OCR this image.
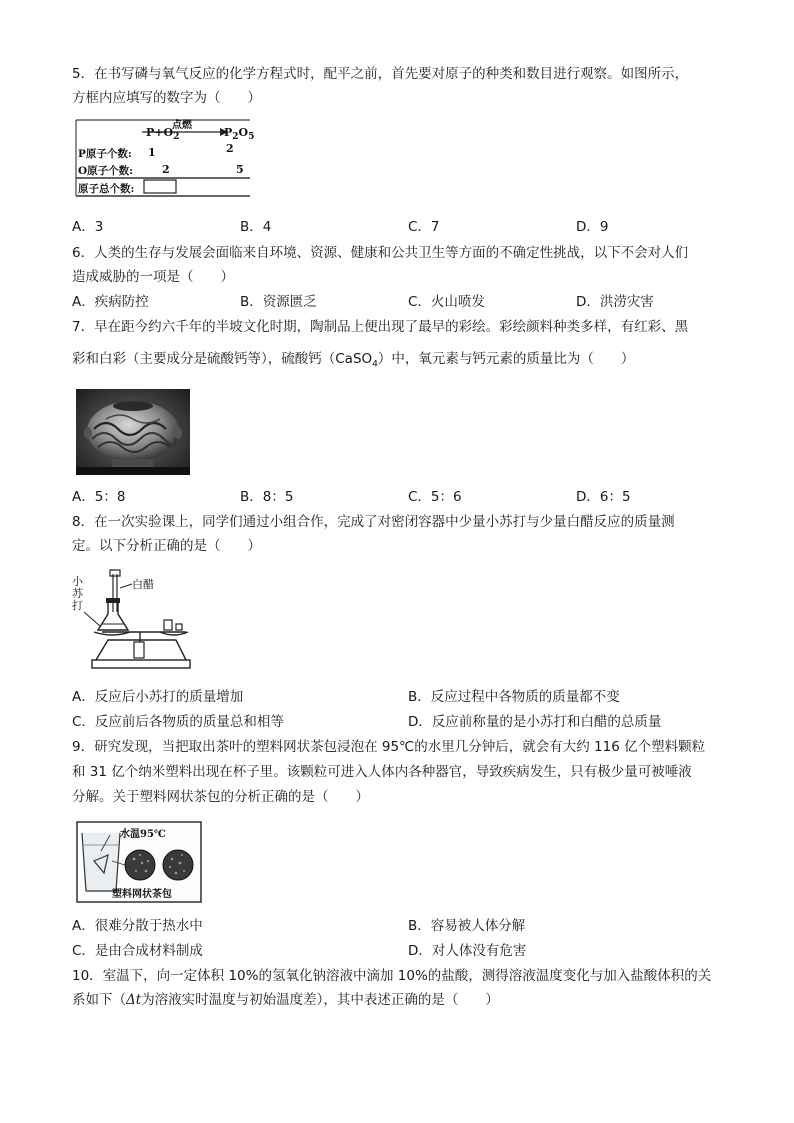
5．在书写磷与氧气反应的化学方程式时，配平之前，首先要对原子的种类和数目进行观察。如图所示，
方框内应填写的数字为（　　）
$P+O_2$
点燃
$P_2O_5$
P原子个数: 1	2
O原子个数:	2	5
原子总个数:
A．3	B．4	C．7	D．9
6．人类的生存与发展会面临来自环境、资源、健康和公共卫生等方面的不确定性挑战，以下不会对人们
造成威胁的一项是（　　）
A．疾病防控	B．资源匮乏	C．火山喷发	D．洪涝灾害
7．早在距今约六千年的半坡文化时期，陶制品上便出现了最早的彩绘。彩绘颜料种类多样，有红彩、黑
彩和白彩（主要成分是硫酸钙等），硫酸钙（CaSO$_4$）中，氧元素与钙元素的质量比为（　　）
A．5：8	B．8：5	C．5：6	D．6：5
8．在一次实验课上，同学们通过小组合作，完成了对密闭容器中少量小苏打与少量白醋反应的质量测
定。以下分析正确的是（　　）
小苏打
白醋
A．反应后小苏打的质量增加	B．反应过程中各物质的质量都不变
C．反应前后各物质的质量总和相等	D．反应前称量的是小苏打和白醋的总质量
9．研究发现，当把取出茶叶的塑料网状茶包浸泡在 95℃的水里几分钟后，就会有大约 116 亿个塑料颗粒
和 31 亿个纳米塑料出现在杯子里。该颗粒可进入人体内各种器官，导致疾病发生，只有极少量可被唾液
分解。关于塑料网状茶包的分析正确的是（　　）
水温95℃
塑料网状茶包
A．很难分散于热水中	B．容易被人体分解
C．是由合成材料制成	D．对人体没有危害
10．室温下，向一定体积 10%的氢氧化钠溶液中滴加 10%的盐酸，测得溶液温度变化与加入盐酸体积的关
系如下（Δt为溶液实时温度与初始温度差），其中表述正确的是（　　）
